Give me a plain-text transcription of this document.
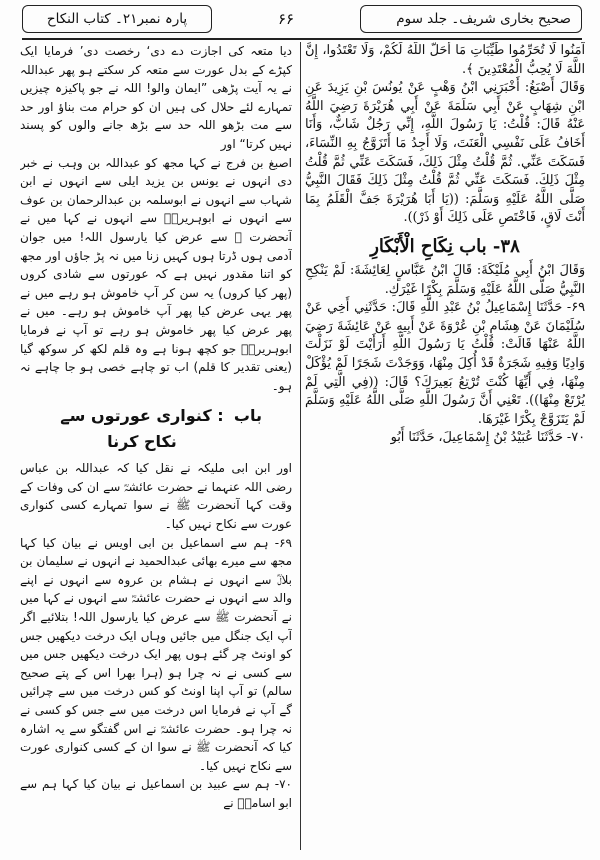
صحیح بخاری شریف۔ جلد سوم
۶۶
پارہ نمبر۲۱۔ کتاب النکاح

آمَنُوا لَا تُحَرِّمُوا طَيِّبَاتِ مَا أَحَلَّ اللَّهُ لَكُمْ، وَلَا تَعْتَدُوا، إِنَّ اللَّهَ لَا يُحِبُّ الْمُعْتَدِينَ ﴾.

وَقَالَ أَصْبَغُ: أَخْبَرَنِي ابْنُ وَهْبٍ عَنْ يُونُسَ بْنِ يَزِيدَ عَنِ ابْنِ شِهَابٍ عَنْ أَبِي سَلَمَةَ عَنْ أَبِي هُرَيْرَةَ رَضِيَ اللَّهُ عَنْهُ قَالَ: قُلْتُ: يَا رَسُولَ اللَّهِ، إِنِّي رَجُلٌ شَابٌّ، وَأَنَا أَخَافُ عَلَى نَفْسِي الْعَنَتَ، وَلَا أَجِدُ مَا أَتَزَوَّجُ بِهِ النِّسَاءَ، فَسَكَتَ عَنِّي. ثُمَّ قُلْتُ مِثْلَ ذَلِكَ، فَسَكَتَ عَنِّي ثُمَّ قُلْتُ مِثْلَ ذَلِكَ. فَسَكَتَ عَنِّي ثُمَّ قُلْتُ مِثْلَ ذَلِكَ فَقَالَ النَّبِيُّ صَلَّى اللَّهُ عَلَيْهِ وَسَلَّمَ: ((يَا أَبَا هُرَيْرَةَ جَفَّ الْقَلَمُ بِمَا أَنْتَ لَاقٍ، فَاخْتَصِ عَلَى ذَلِكَ أَوْ ذَرْ)).

۳۸- باب نِكَاحِ الْأَبْكَارِ

وَقَالَ ابْنُ أَبِي مُلَيْكَةَ: قَالَ ابْنُ عَبَّاسٍ لِعَائِشَةَ: لَمْ يَنْكِحِ النَّبِيُّ صَلَّى اللَّهُ عَلَيْهِ وَسَلَّمَ بِكْرًا غَيْرَكِ.

۶۹- حَدَّثَنَا إِسْمَاعِيلُ بْنُ عَبْدِ اللَّهِ قَالَ: حَدَّثَنِي أَخِي عَنْ سُلَيْمَانَ عَنْ هِشَامِ بْنِ عُرْوَةَ عَنْ أَبِيهِ عَنْ عَائِشَةَ رَضِيَ اللَّهُ عَنْهَا قَالَتْ: قُلْتُ يَا رَسُولَ اللَّهِ أَرَأَيْتَ لَوْ نَزَلْتَ وَادِيًا وَفِيهِ شَجَرَةٌ قَدْ أُكِلَ مِنْهَا، وَوَجَدْتَ شَجَرًا لَمْ يُؤْكَلْ مِنْهَا، فِي أَيِّهَا كُنْتَ تُرْتِعُ بَعِيرَكَ؟ قَالَ: ((فِي الَّتِي لَمْ يُرْتَعْ مِنْهَا)). تَعْنِي أَنَّ رَسُولَ اللَّهِ صَلَّى اللَّهُ عَلَيْهِ وَسَلَّمَ لَمْ يَتَزَوَّجْ بِكْرًا غَيْرَهَا.

۷۰- حَدَّثَنَا عُبَيْدُ بْنُ إِسْمَاعِيلَ، حَدَّثَنَا أَبُو

دیا متعہ کی اجازت دے دی‘ رخصت دی’ فرمایا ایک کپڑے کے بدل عورت سے متعہ کر سکتے ہو پھر عبداللہ نے یہ آیت پڑھی ”ایمان والو! اللہ نے جو پاکیزہ چیزیں تمہارے لئے حلال کی ہیں ان کو حرام مت بناؤ اور حد سے مت بڑھو اللہ حد سے بڑھ جانے والوں کو پسند نہیں کرتا“ اور

اصبغ بن فرج نے کہا مجھ کو عبداللہ بن وہب نے خبر دی انہوں نے یونس بن یزید ایلی سے انہوں نے ابن شہاب سے انہوں نے ابوسلمہ بن عبدالرحمان بن عوف سے انہوں نے ابوہریرہؓ سے انہوں نے کہا میں نے آنحضرت ﷺ سے عرض کیا یارسول اللہ! میں جوان آدمی ہوں ڈرتا ہوں کہیں زنا میں نہ پڑ جاؤں اور مجھ کو اتنا مقدور نہیں ہے کہ عورتوں سے شادی کروں (پھر کیا کروں) یہ سن کر آپ خاموش ہو رہے میں نے پھر یہی عرض کیا پھر آپ خاموش ہو رہے۔ میں نے پھر عرض کیا پھر خاموش ہو رہے تو آپ نے فرمایا ابوہریرہؓ جو کچھ ہونا ہے وہ قلم لکھ کر سوکھ گیا (یعنی تقدیر کا قلم) اب تو چاہے خصی ہو جا چاہے نہ ہو۔

باب
: کنواری عورتوں سے نکاح کرنا

اور ابن ابی ملیکہ نے نقل کیا کہ عبداللہ بن عباس رضی اللہ عنہما نے حضرت عائشہؓ سے ان کی وفات کے وقت کہا آنحضرت ﷺ نے سوا تمہارے کسی کنواری عورت سے نکاح نہیں کیا۔

۶۹- ہم سے اسماعیل بن ابی اویس نے بیان کیا کہا مجھ سے میرے بھائی عبدالحمید نے انہوں نے سلیمان بن بلالؓ سے انہوں نے ہشام بن عروہ سے انہوں نے اپنے والد سے انہوں نے حضرت عائشہؓ سے انہوں نے کہا میں نے آنحضرت ﷺ سے عرض کیا یارسول اللہ! بتلائیے اگر آپ ایک جنگل میں جائیں وہاں ایک درخت دیکھیں جس کو اونٹ چر گئے ہوں پھر ایک درخت دیکھیں جس میں سے کسی نے نہ چرا ہو (ہرا بھرا اس کے پتے صحیح سالم) تو آپ اپنا اونٹ کو کس درخت میں سے چرائیں گے آپ نے فرمایا اس درخت میں سے جس کو کسی نے نہ چرا ہو۔ حضرت عائشہؓ نے اس گفتگو سے یہ اشارہ کیا کہ آنحضرت ﷺ نے سوا ان کے کسی کنواری عورت سے نکاح نہیں کیا۔

۷۰- ہم سے عبید بن اسماعیل نے بیان کیا کہا ہم سے ابو اسامہؓ نے
